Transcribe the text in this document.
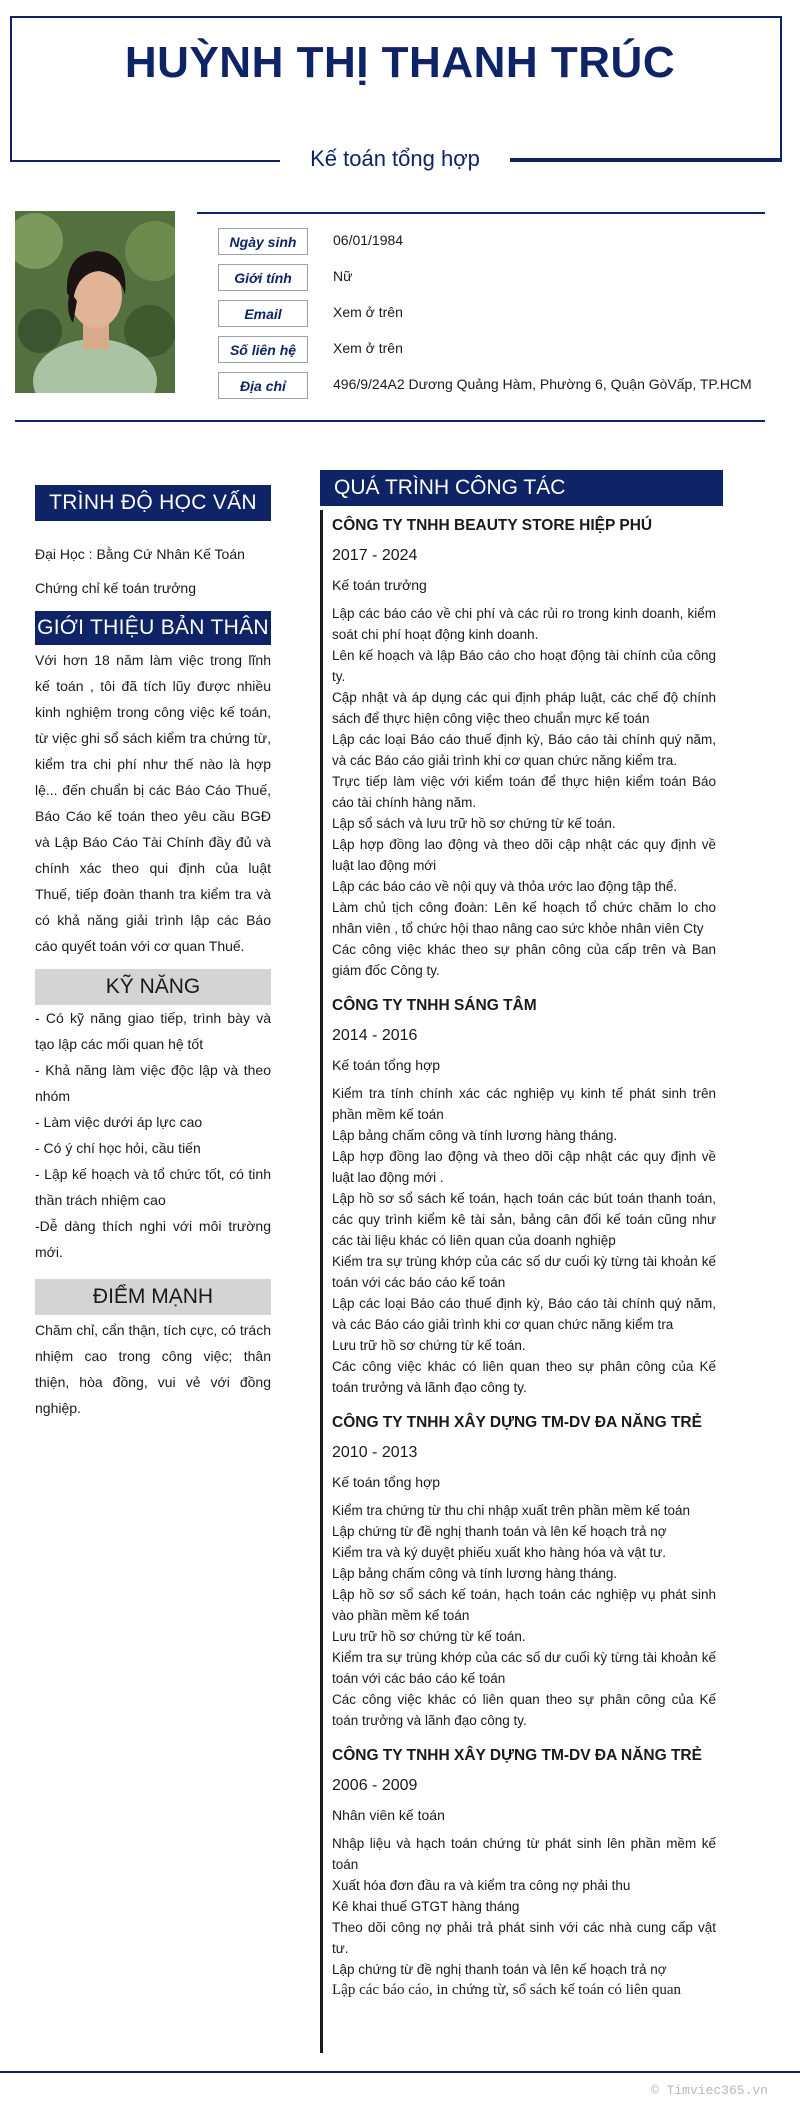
HUỲNH THỊ THANH TRÚC
Kế toán tổng hợp
Ngày sinh	06/01/1984
Giới tính	Nữ
Email	Xem ở trên
Số liên hệ	Xem ở trên
Địa chỉ	496/9/24A2 Dương Quảng Hàm, Phường 6, Quận GòVấp, TP.HCM
TRÌNH ĐỘ HỌC VẤN
Đại Học : Bằng Cứ Nhân Kế Toán
Chứng chỉ kế toán trưởng
GIỚI THIỆU BẢN THÂN
Với hơn 18 năm làm việc trong lĩnh kế toán , tôi đã tích lũy được nhiều kinh nghiệm trong công việc kế toán, từ việc ghi sổ sách kiểm tra chứng từ, kiểm tra chi phí như thế nào là hợp lệ... đến chuẩn bị các Báo Cáo Thuế, Báo Cáo kế toán theo yêu cầu BGĐ và Lập Báo Cáo Tài Chính đầy đủ và chính xác theo qui định của luật Thuế, tiếp đoàn thanh tra kiểm tra và có khả năng giải trình lập các Báo cáo quyết toán với cơ quan Thuế.
KỸ NĂNG
- Có kỹ năng giao tiếp, trình bày và tạo lập các mối quan hệ tốt
- Khả năng làm việc độc lập và theo nhóm
- Làm việc dưới áp lực cao
- Có ý chí học hỏi, cầu tiến
- Lập kế hoạch và tổ chức tốt, có tinh thần trách nhiệm cao
-Dễ dàng thích nghi với môi trường mới.
ĐIỂM MẠNH
Chăm chỉ, cẩn thận, tích cực, có trách nhiệm cao trong công việc; thân thiện, hòa đồng, vui vẻ với đồng nghiệp.
QUÁ TRÌNH CÔNG TÁC
CÔNG TY TNHH BEAUTY STORE HIỆP PHÚ
2017 - 2024
Kế toán trưởng
Lập các báo cáo về chi phí và các rủi ro trong kinh doanh, kiểm soát chi phí hoạt động kinh doanh.
Lên kế hoạch và lập Báo cáo cho hoạt động tài chính của công ty.
Cập nhật và áp dụng các qui định pháp luật, các chế độ chính sách để thực hiện công việc theo chuẩn mực kế toán
Lập các loại Báo cáo thuế định kỳ, Báo cáo tài chính quý năm, và các Báo cáo giải trình khi cơ quan chức năng kiểm tra.
Trực tiếp làm việc với kiểm toán để thực hiện kiểm toán Báo cáo tài chính hàng năm.
Lập sổ sách và lưu trữ hồ sơ chứng từ kế toán.
Lập hợp đồng lao động và theo dõi cập nhật các quy định về luật lao động mới
Lập các báo cáo về nội quy và thỏa ước lao động tập thể.
Làm chủ tịch công đoàn: Lên kế hoạch tổ chức chăm lo cho nhân viên , tổ chức hội thao nâng cao sức khỏe nhân viên Cty
Các công việc khác theo sự phân công của cấp trên và Ban giám đốc Công ty.
CÔNG TY TNHH SÁNG TÂM
2014 - 2016
Kế toán tổng hợp
Kiểm tra tính chính xác các nghiệp vụ kinh tế phát sinh trên phần mềm kế toán
Lập bảng chấm công và tính lương hàng tháng.
Lập hợp đồng lao động và theo dõi cập nhật các quy định về luật lao động mới .
Lập hồ sơ sổ sách kế toán, hạch toán các bút toán thanh toán, các quy trình kiểm kê tài sản, bảng cân đối kế toán cũng như các tài liệu khác có liên quan của doanh nghiệp
Kiểm tra sự trùng khớp của các số dư cuối kỳ từng tài khoản kế toán với các báo cáo kế toán
Lập các loại Báo cáo thuế định kỳ, Báo cáo tài chính quý năm, và các Báo cáo giải trình khi cơ quan chức năng kiểm tra
Lưu trữ hồ sơ chứng từ kế toán.
Các công việc khác có liên quan theo sự phân công của Kế toán trưởng và lãnh đạo công ty.
CÔNG TY TNHH XÂY DỰNG TM-DV ĐA NĂNG TRẺ
2010 - 2013
Kế toán tổng hợp
Kiểm tra chứng từ thu chi nhập xuất trên phần mềm kế toán
Lập chứng từ đề nghị thanh toán và lên kế hoạch trả nợ
Kiểm tra và ký duyệt phiếu xuất kho hàng hóa và vật tư.
Lập bảng chấm công và tính lương hàng tháng.
Lập hồ sơ sổ sách kế toán, hạch toán các nghiệp vụ phát sinh vào phần mềm kế toán
Lưu trữ hồ sơ chứng từ kế toán.
Kiểm tra sự trùng khớp của các số dư cuối kỳ từng tài khoản kế toán với các báo cáo kế toán
Các công việc khác có liên quan theo sự phân công của Kế toán trưởng và lãnh đạo công ty.
CÔNG TY TNHH XÂY DỰNG TM-DV ĐA NĂNG TRẺ
2006 - 2009
Nhân viên kế toán
Nhập liệu và hạch toán chứng từ phát sinh lên phần mềm kế toán
Xuất hóa đơn đầu ra và kiểm tra công nợ phải thu
Kê khai thuế GTGT hàng tháng
Theo dõi công nợ phải trả phát sinh với các nhà cung cấp vật tư.
Lập chứng từ đề nghị thanh toán và lên kế hoạch trả nợ
Lập các báo cáo, in chứng từ, sổ sách kế toán có liên quan
© Timviec365.vn
